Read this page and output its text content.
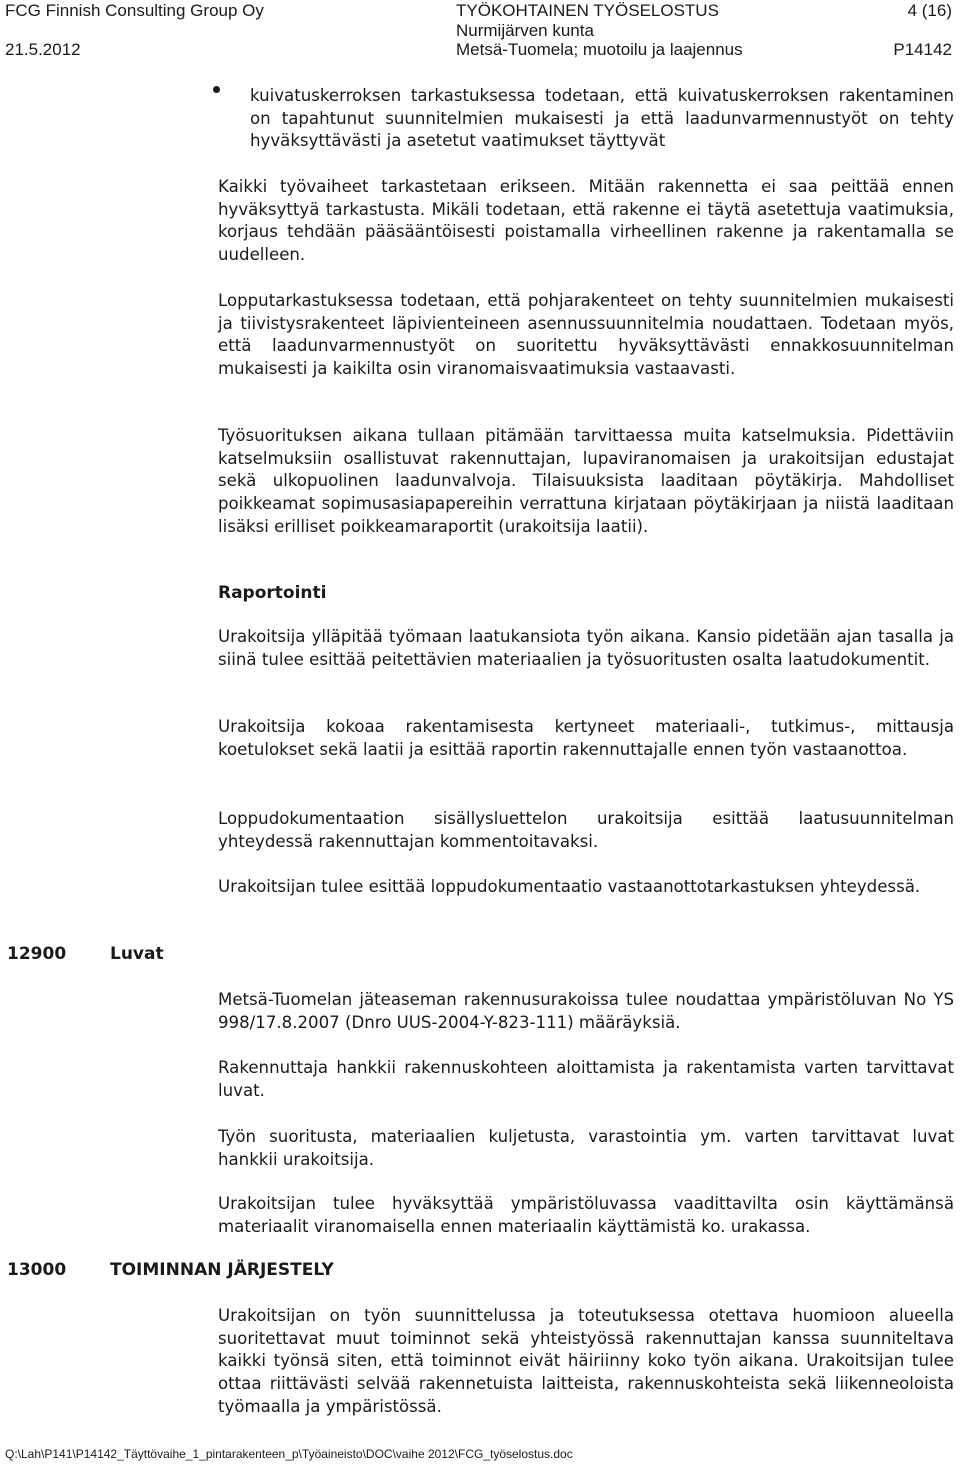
FCG Finnish Consulting Group Oy
21.5.2012
TYÖKOHTAINEN TYÖSELOSTUS
Nurmijärven kunta
Metsä-Tuomela; muotoilu ja laajennus
4 (16)
P14142
kuivatuskerroksen tarkastuksessa todetaan, että kuivatuskerroksen rakentaminen on tapahtunut suunnitelmien mukaisesti ja että laadunvarmennustyöt on tehty hyväksyttävästi ja asetetut vaatimukset täyttyvät
Kaikki työvaiheet tarkastetaan erikseen. Mitään rakennetta ei saa peittää ennen hyväksyttyä tarkastusta. Mikäli todetaan, että rakenne ei täytä asetettuja vaatimuksia, korjaus tehdään pääsääntöisesti poistamalla virheellinen rakenne ja rakentamalla se uudelleen.
Lopputarkastuksessa todetaan, että pohjarakenteet on tehty suunnitelmien mukaisesti ja tiivistysrakenteet läpivienteineen asennussuunnitelmia noudattaen. Todetaan myös, että laadunvarmennustyöt on suoritettu hyväksyttävästi ennakkosuunnitelman mukaisesti ja kaikilta osin viranomaisvaatimuksia vastaavasti.
Työsuorituksen aikana tullaan pitämään tarvittaessa muita katselmuksia. Pidettäviin katselmuksiin osallistuvat rakennuttajan, lupaviranomaisen ja urakoitsijan edustajat sekä ulkopuolinen laadunvalvoja. Tilaisuuksista laaditaan pöytäkirja. Mahdolliset poikkeamat sopimusasiapapereihin verrattuna kirjataan pöytäkirjaan ja niistä laaditaan lisäksi erilliset poikkeamaraportit (urakoitsija laatii).
Raportointi
Urakoitsija ylläpitää työmaan laatukansiota työn aikana. Kansio pidetään ajan tasalla ja siinä tulee esittää peitettävien materiaalien ja työsuoritusten osalta laatudokumentit.
Urakoitsija kokoaa rakentamisesta kertyneet materiaali-, tutkimus-, mittausja koetulokset sekä laatii ja esittää raportin rakennuttajalle ennen työn vastaanottoa.
Loppudokumentaation sisällysluettelon urakoitsija esittää laatusuunnitelman yhteydessä rakennuttajan kommentoitavaksi.
Urakoitsijan tulee esittää loppudokumentaatio vastaanottotarkastuksen yhteydessä.
12900	Luvat
Metsä-Tuomelan jäteaseman rakennusurakoissa tulee noudattaa ympäristöluvan No YS 998/17.8.2007 (Dnro UUS-2004-Y-823-111) määräyksiä.
Rakennuttaja hankkii rakennuskohteen aloittamista ja rakentamista varten tarvittavat luvat.
Työn suoritusta, materiaalien kuljetusta, varastointia ym. varten tarvittavat luvat hankkii urakoitsija.
Urakoitsijan tulee hyväksyttää ympäristöluvassa vaadittavilta osin käyttämänsä materiaalit viranomaisella ennen materiaalin käyttämistä ko. urakassa.
13000	TOIMINNAN JÄRJESTELY
Urakoitsijan on työn suunnittelussa ja toteutuksessa otettava huomioon alueella suoritettavat muut toiminnot sekä yhteistyössä rakennuttajan kanssa suunniteltava kaikki työnsä siten, että toiminnot eivät häiriinny koko työn aikana. Urakoitsijan tulee ottaa riittävästi selvää rakennetuista laitteista, rakennuskohteista sekä liikenneoloista työmaalla ja ympäristössä.
Q:\Lah\P141\P14142_Täyttövaihe_1_pintarakenteen_p\Työaineisto\DOC\vaihe 2012\FCG_työselostus.doc
